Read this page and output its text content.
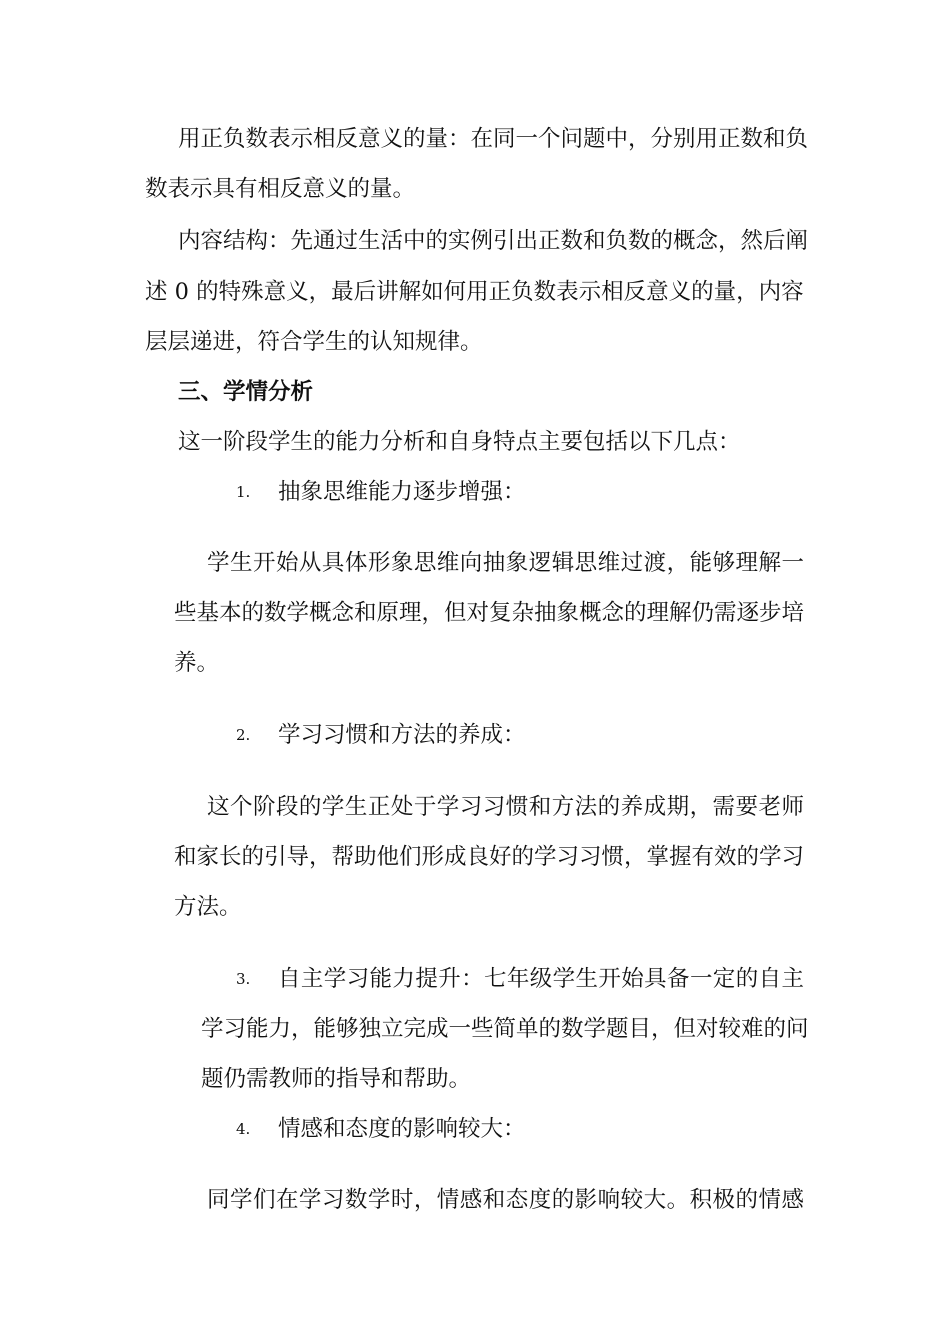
用正负数表示相反意义的量：在同一个问题中，分别用正数和负

数表示具有相反意义的量。

内容结构：先通过生活中的实例引出正数和负数的概念，然后阐

述 0 的特殊意义，最后讲解如何用正负数表示相反意义的量，内容

层层递进，符合学生的认知规律。

三、学情分析

这一阶段学生的能力分析和自身特点主要包括以下几点：

1. 抽象思维能力逐步增强：

学生开始从具体形象思维向抽象逻辑思维过渡，能够理解一

些基本的数学概念和原理，但对复杂抽象概念的理解仍需逐步培

养。

2. 学习习惯和方法的养成：

这个阶段的学生正处于学习习惯和方法的养成期，需要老师

和家长的引导，帮助他们形成良好的学习习惯，掌握有效的学习

方法。

3. 自主学习能力提升：七年级学生开始具备一定的自主

学习能力，能够独立完成一些简单的数学题目，但对较难的问

题仍需教师的指导和帮助。

4. 情感和态度的影响较大：

同学们在学习数学时，情感和态度的影响较大。积极的情感
